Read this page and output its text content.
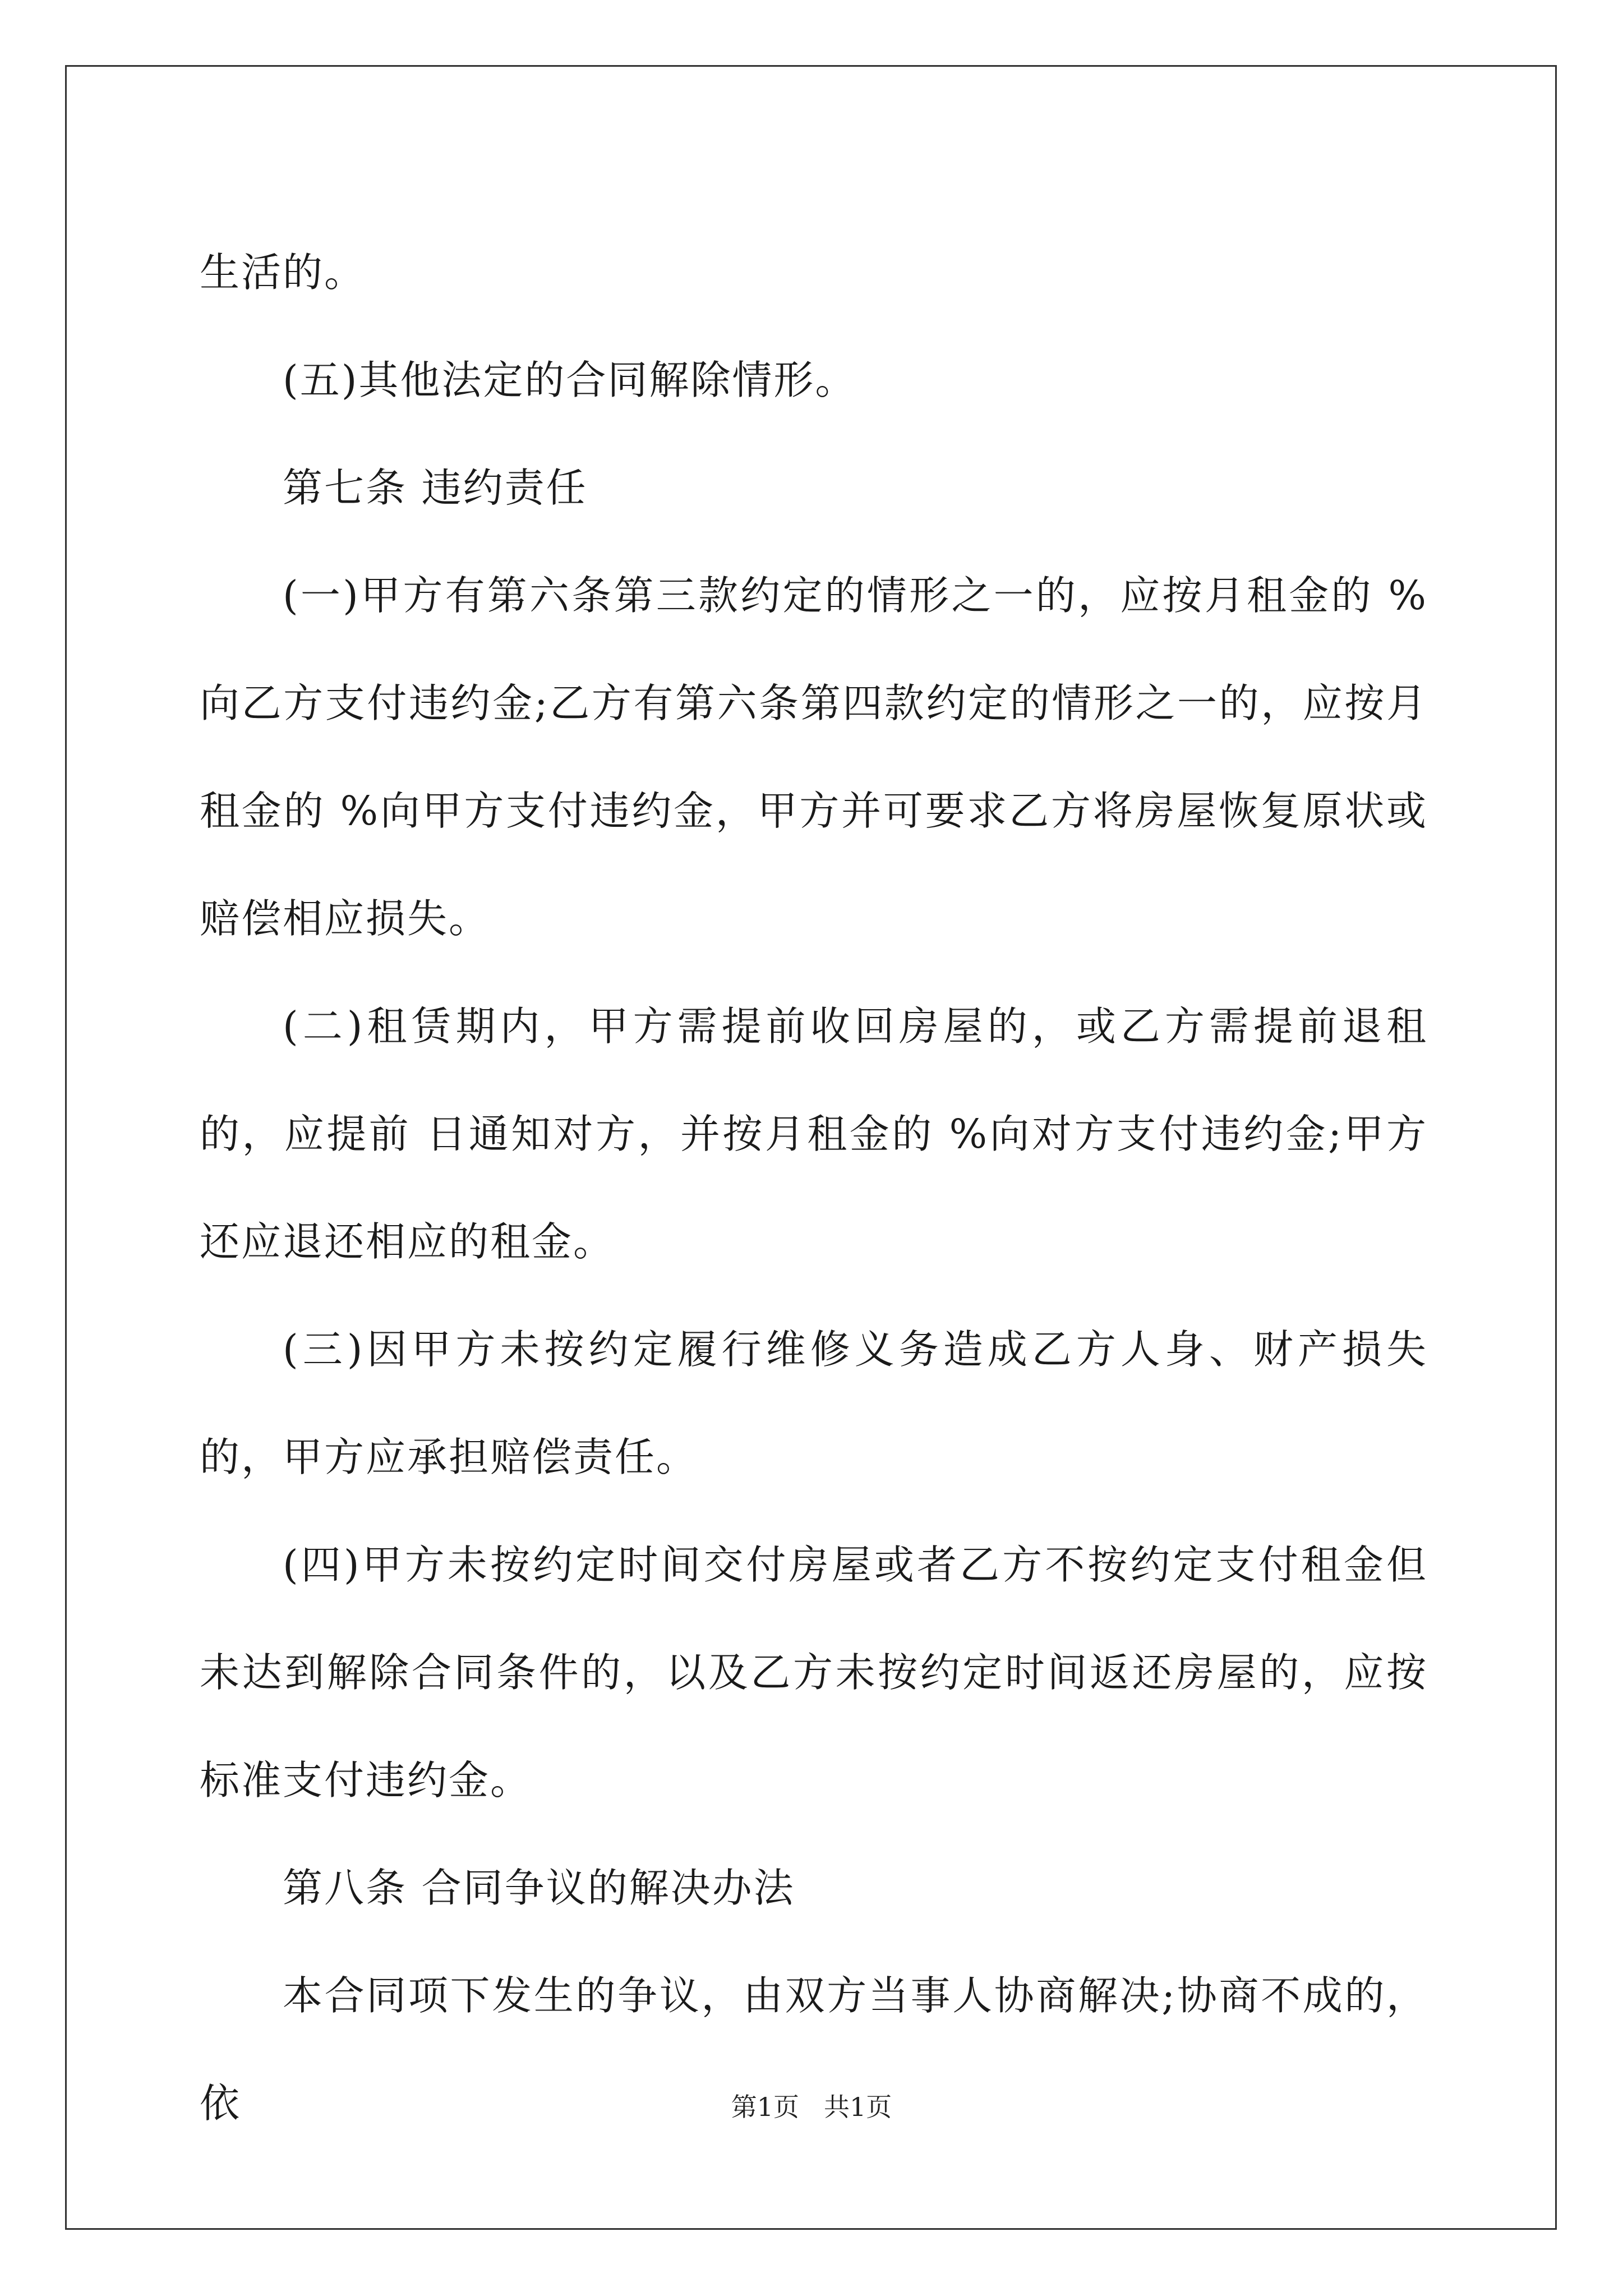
生活的。

(五)其他法定的合同解除情形。

第七条 违约责任

(一)甲方有第六条第三款约定的情形之一的，应按月租金的 %向乙方支付违约金;乙方有第六条第四款约定的情形之一的，应按月租金的 %向甲方支付违约金，甲方并可要求乙方将房屋恢复原状或赔偿相应损失。

(二)租赁期内，甲方需提前收回房屋的，或乙方需提前退租的，应提前 日通知对方，并按月租金的 %向对方支付违约金;甲方还应退还相应的租金。

(三)因甲方未按约定履行维修义务造成乙方人身、财产损失的，甲方应承担赔偿责任。

(四)甲方未按约定时间交付房屋或者乙方不按约定支付租金但未达到解除合同条件的，以及乙方未按约定时间返还房屋的，应按 标准支付违约金。

第八条 合同争议的解决办法

本合同项下发生的争议，由双方当事人协商解决;协商不成的，依	第1页 共1页
